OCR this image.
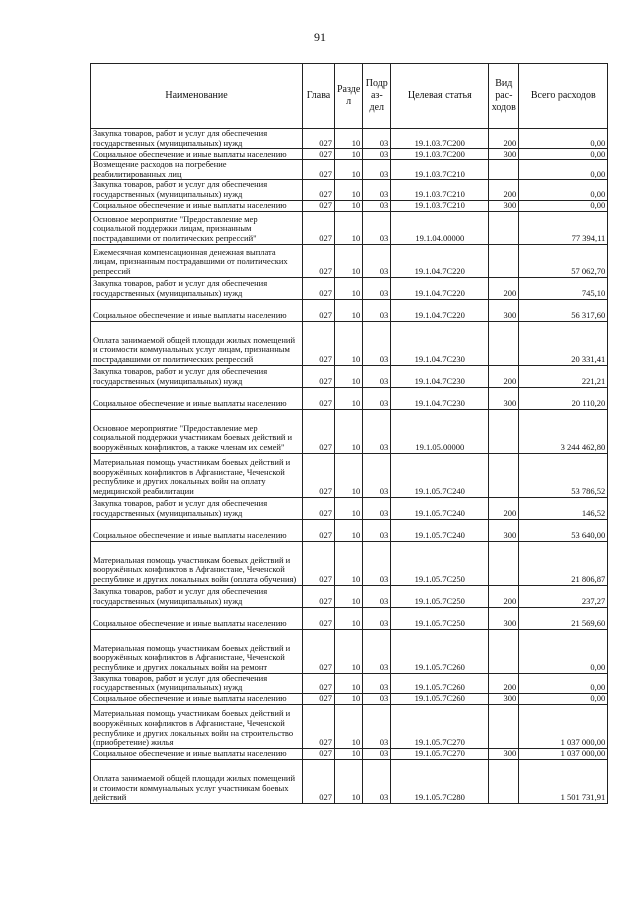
91
Наименование	Глава	Разде л	Подр аз- дел	Целевая статья	Вид рас- ходов	Всего расходов
Закупка товаров, работ и услуг для обеспечения государственных (муниципальных) нужд	027	10	03	19.1.03.7С200	200	0,00
Социальное обеспечение и иные выплаты населению	027	10	03	19.1.03.7С200	300	0,00
Возмещение расходов на погребение реабилитированных лиц	027	10	03	19.1.03.7С210		0,00
Закупка товаров, работ и услуг для обеспечения государственных (муниципальных) нужд	027	10	03	19.1.03.7С210	200	0,00
Социальное обеспечение и иные выплаты населению	027	10	03	19.1.03.7С210	300	0,00
Основное мероприятие "Предоставление мер социальной поддержки лицам, признанным пострадавшими от политических репрессий"	027	10	03	19.1.04.00000		77 394,11
Ежемесячная компенсационная денежная выплата лицам, признанным пострадавшими от политических репрессий	027	10	03	19.1.04.7С220		57 062,70
Закупка товаров, работ и услуг для обеспечения государственных (муниципальных) нужд	027	10	03	19.1.04.7С220	200	745,10
Социальное обеспечение и иные выплаты населению	027	10	03	19.1.04.7С220	300	56 317,60
Оплата занимаемой общей площади жилых помещений и стоимости коммунальных услуг лицам, признанным пострадавшими от политических репрессий	027	10	03	19.1.04.7С230		20 331,41
Закупка товаров, работ и услуг для обеспечения государственных (муниципальных) нужд	027	10	03	19.1.04.7С230	200	221,21
Социальное обеспечение и иные выплаты населению	027	10	03	19.1.04.7С230	300	20 110,20
Основное мероприятие "Предоставление мер социальной поддержки участникам боевых действий и вооружённых конфликтов, а также членам их семей"	027	10	03	19.1.05.00000		3 244 462,80
Материальная помощь участникам боевых действий и вооружённых конфликтов в Афганистане, Чеченской республике и других локальных войн на оплату медицинской реабилитации	027	10	03	19.1.05.7С240		53 786,52
Закупка товаров, работ и услуг для обеспечения государственных (муниципальных) нужд	027	10	03	19.1.05.7С240	200	146,52
Социальное обеспечение и иные выплаты населению	027	10	03	19.1.05.7С240	300	53 640,00
Материальная помощь участникам боевых действий и вооружённых конфликтов в Афганистане, Чеченской республике и других локальных войн (оплата обучения)	027	10	03	19.1.05.7С250		21 806,87
Закупка товаров, работ и услуг для обеспечения государственных (муниципальных) нужд	027	10	03	19.1.05.7С250	200	237,27
Социальное обеспечение и иные выплаты населению	027	10	03	19.1.05.7С250	300	21 569,60
Материальная помощь участникам боевых действий и вооружённых конфликтов в Афганистане, Чеченской республике и других локальных войн на ремонт	027	10	03	19.1.05.7С260		0,00
Закупка товаров, работ и услуг для обеспечения государственных (муниципальных) нужд	027	10	03	19.1.05.7С260	200	0,00
Социальное обеспечение и иные выплаты населению	027	10	03	19.1.05.7С260	300	0,00
Материальная помощь участникам боевых действий и вооружённых конфликтов в Афганистане, Чеченской республике и других локальных войн на строительство (приобретение) жилья	027	10	03	19.1.05.7С270		1 037 000,00
Социальное обеспечение и иные выплаты населению	027	10	03	19.1.05.7С270	300	1 037 000,00
Оплата занимаемой общей площади жилых помещений и стоимости коммунальных услуг участникам боевых действий	027	10	03	19.1.05.7С280		1 501 731,91
